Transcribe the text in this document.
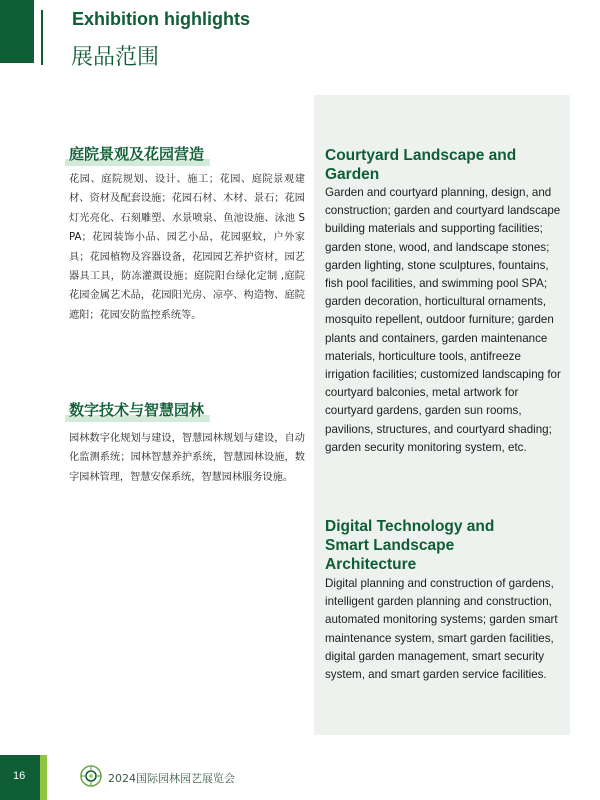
Exhibition highlights
展品范围
庭院景观及花园营造
花园、庭院规划、设计、施工；花园、庭院景观建材、资材及配套设施；花园石材、木材、景石；花园灯光亮化、石刻雕塑、水景喷泉、鱼池设施、泳池 SPA；花园装饰小品、园艺小品，花园驱蚊，户外家具；花园植物及容器设备，花园园艺养护资材，园艺器具工具，防冻灌溉设施；庭院阳台绿化定制 ,庭院花园金属艺术品，花园阳光房、凉亭、构造物、庭院遮阳；花园安防监控系统等。
数字技术与智慧园林
园林数字化规划与建设，智慧园林规划与建设，自动化监测系统；园林智慧养护系统，智慧园林设施，数字园林管理，智慧安保系统，智慧园林服务设施。
Courtyard Landscape and Garden
Garden and courtyard planning, design, and construction; garden and courtyard landscape building materials and supporting facilities; garden stone, wood, and landscape stones; garden lighting, stone sculptures, fountains, fish pool facilities, and swimming pool SPA; garden decoration, horticultural ornaments, mosquito repellent, outdoor furniture; garden plants and containers, garden maintenance materials, horticulture tools, antifreeze irrigation facilities; customized landscaping for courtyard balconies, metal artwork for courtyard gardens, garden sun rooms, pavilions, structures, and courtyard shading; garden security monitoring system, etc.
Digital Technology and Smart Landscape Architecture
Digital planning and construction of gardens, intelligent garden planning and construction, automated monitoring systems; garden smart maintenance system, smart garden facilities, digital garden management, smart security system, and smart garden service facilities.
16	2024国际园林园艺展览会
